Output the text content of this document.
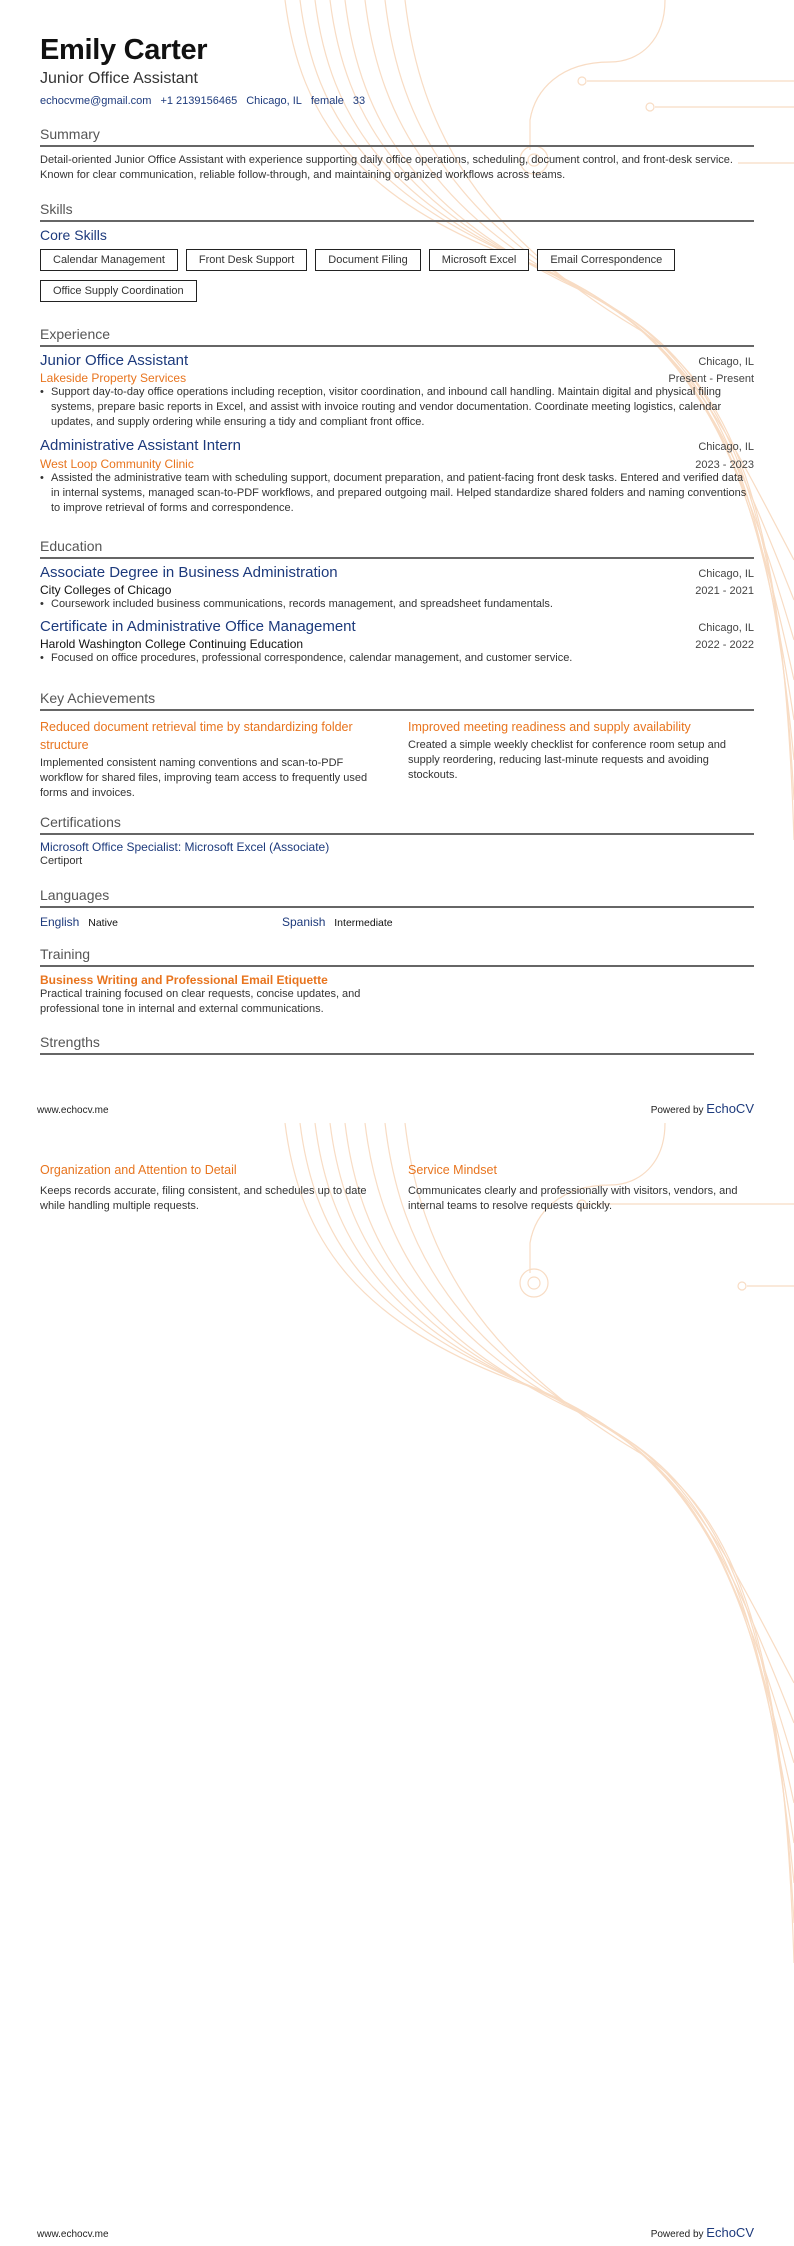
Emily Carter
Junior Office Assistant
echocvme@gmail.com +1 2139156465 Chicago, IL female 33
Summary
Detail-oriented Junior Office Assistant with experience supporting daily office operations, scheduling, document control, and front-desk service. Known for clear communication, reliable follow-through, and maintaining organized workflows across teams.
Skills
Core Skills
Calendar Management	Front Desk Support	Document Filing	Microsoft Excel	Email Correspondence
Office Supply Coordination
Experience
Junior Office Assistant	Chicago, IL
Lakeside Property Services	Present - Present
• Support day-to-day office operations including reception, visitor coordination, and inbound call handling. Maintain digital and physical filing systems, prepare basic reports in Excel, and assist with invoice routing and vendor documentation. Coordinate meeting logistics, calendar updates, and supply ordering while ensuring a tidy and compliant front office.
Administrative Assistant Intern	Chicago, IL
West Loop Community Clinic	2023 - 2023
• Assisted the administrative team with scheduling support, document preparation, and patient-facing front desk tasks. Entered and verified data in internal systems, managed scan-to-PDF workflows, and prepared outgoing mail. Helped standardize shared folders and naming conventions to improve retrieval of forms and correspondence.
Education
Associate Degree in Business Administration	Chicago, IL
City Colleges of Chicago	2021 - 2021
• Coursework included business communications, records management, and spreadsheet fundamentals.
Certificate in Administrative Office Management	Chicago, IL
Harold Washington College Continuing Education	2022 - 2022
• Focused on office procedures, professional correspondence, calendar management, and customer service.
Key Achievements
Reduced document retrieval time by standardizing folder structure
Implemented consistent naming conventions and scan-to-PDF workflow for shared files, improving team access to frequently used forms and invoices.
Improved meeting readiness and supply availability
Created a simple weekly checklist for conference room setup and supply reordering, reducing last-minute requests and avoiding stockouts.
Certifications
Microsoft Office Specialist: Microsoft Excel (Associate)
Certiport
Languages
English Native	Spanish Intermediate
Training
Business Writing and Professional Email Etiquette
Practical training focused on clear requests, concise updates, and professional tone in internal and external communications.
Strengths
www.echocv.me	Powered by EchoCV
Organization and Attention to Detail
Keeps records accurate, filing consistent, and schedules up to date while handling multiple requests.
Service Mindset
Communicates clearly and professionally with visitors, vendors, and internal teams to resolve requests quickly.
www.echocv.me	Powered by EchoCV
